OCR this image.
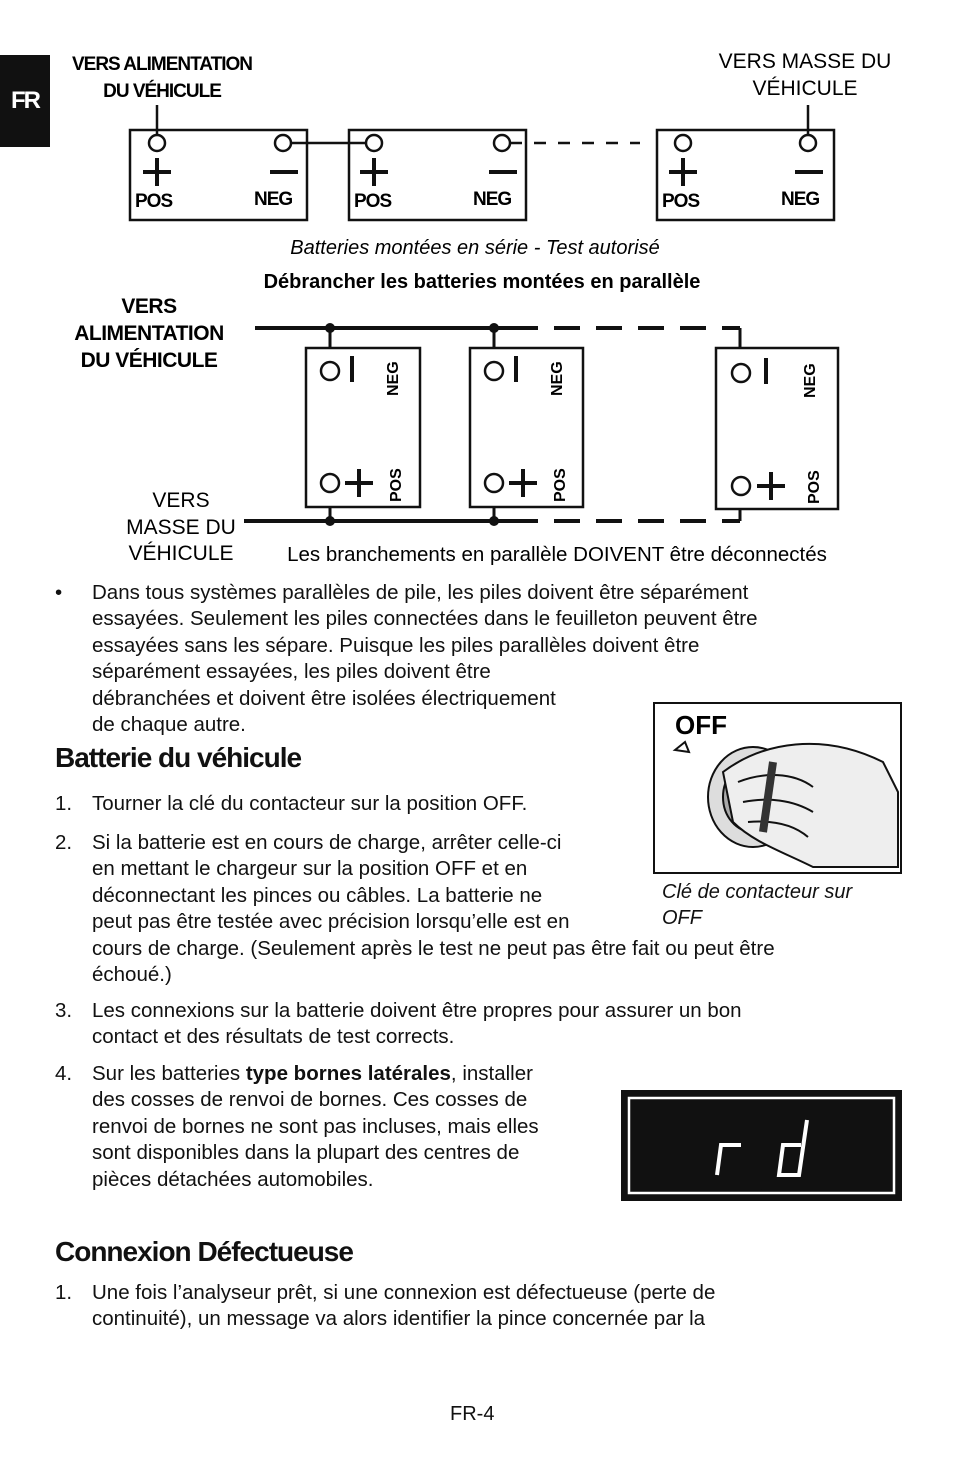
FR
VERS ALIMENTATION
DU VÉHICULE
VERS MASSE DU
VÉHICULE
POS	NEG	POS	NEG	POS	NEG
Batteries montées en série - Test autorisé
Débrancher les batteries montées en parallèle
VERS
ALIMENTATION
DU VÉHICULE
VERS
MASSE DU
VÉHICULE
NEG
POS
NEG
POS
NEG
POS
Les branchements en parallèle DOIVENT être déconnectés
• Dans tous systèmes parallèles de pile, les piles doivent être séparément
essayées. Seulement les piles connectées dans le feuilleton peuvent être
essayées sans les sépare. Puisque les piles parallèles doivent être
séparément essayées, les piles doivent être
débranchées et doivent être isolées électriquement
de chaque autre.
Batterie du véhicule
1. Tourner la clé du contacteur sur la position OFF.
2. Si la batterie est en cours de charge, arrêter celle-ci
en mettant le chargeur sur la position OFF et en
déconnectant les pinces ou câbles. La batterie ne
peut pas être testée avec précision lorsqu’elle est en
cours de charge. (Seulement après le test ne peut pas être fait ou peut être
échoué.)
3. Les connexions sur la batterie doivent être propres pour assurer un bon
contact et des résultats de test corrects.
4. Sur les batteries type bornes latérales, installer
des cosses de renvoi de bornes. Ces cosses de
renvoi de bornes ne sont pas incluses, mais elles
sont disponibles dans la plupart des centres de
pièces détachées automobiles.
OFF
Clé de contacteur sur
OFF
rd
Connexion Défectueuse
1. Une fois l’analyseur prêt, si une connexion est défectueuse (perte de
continuité), un message va alors identifier la pince concernée par la
FR-4
